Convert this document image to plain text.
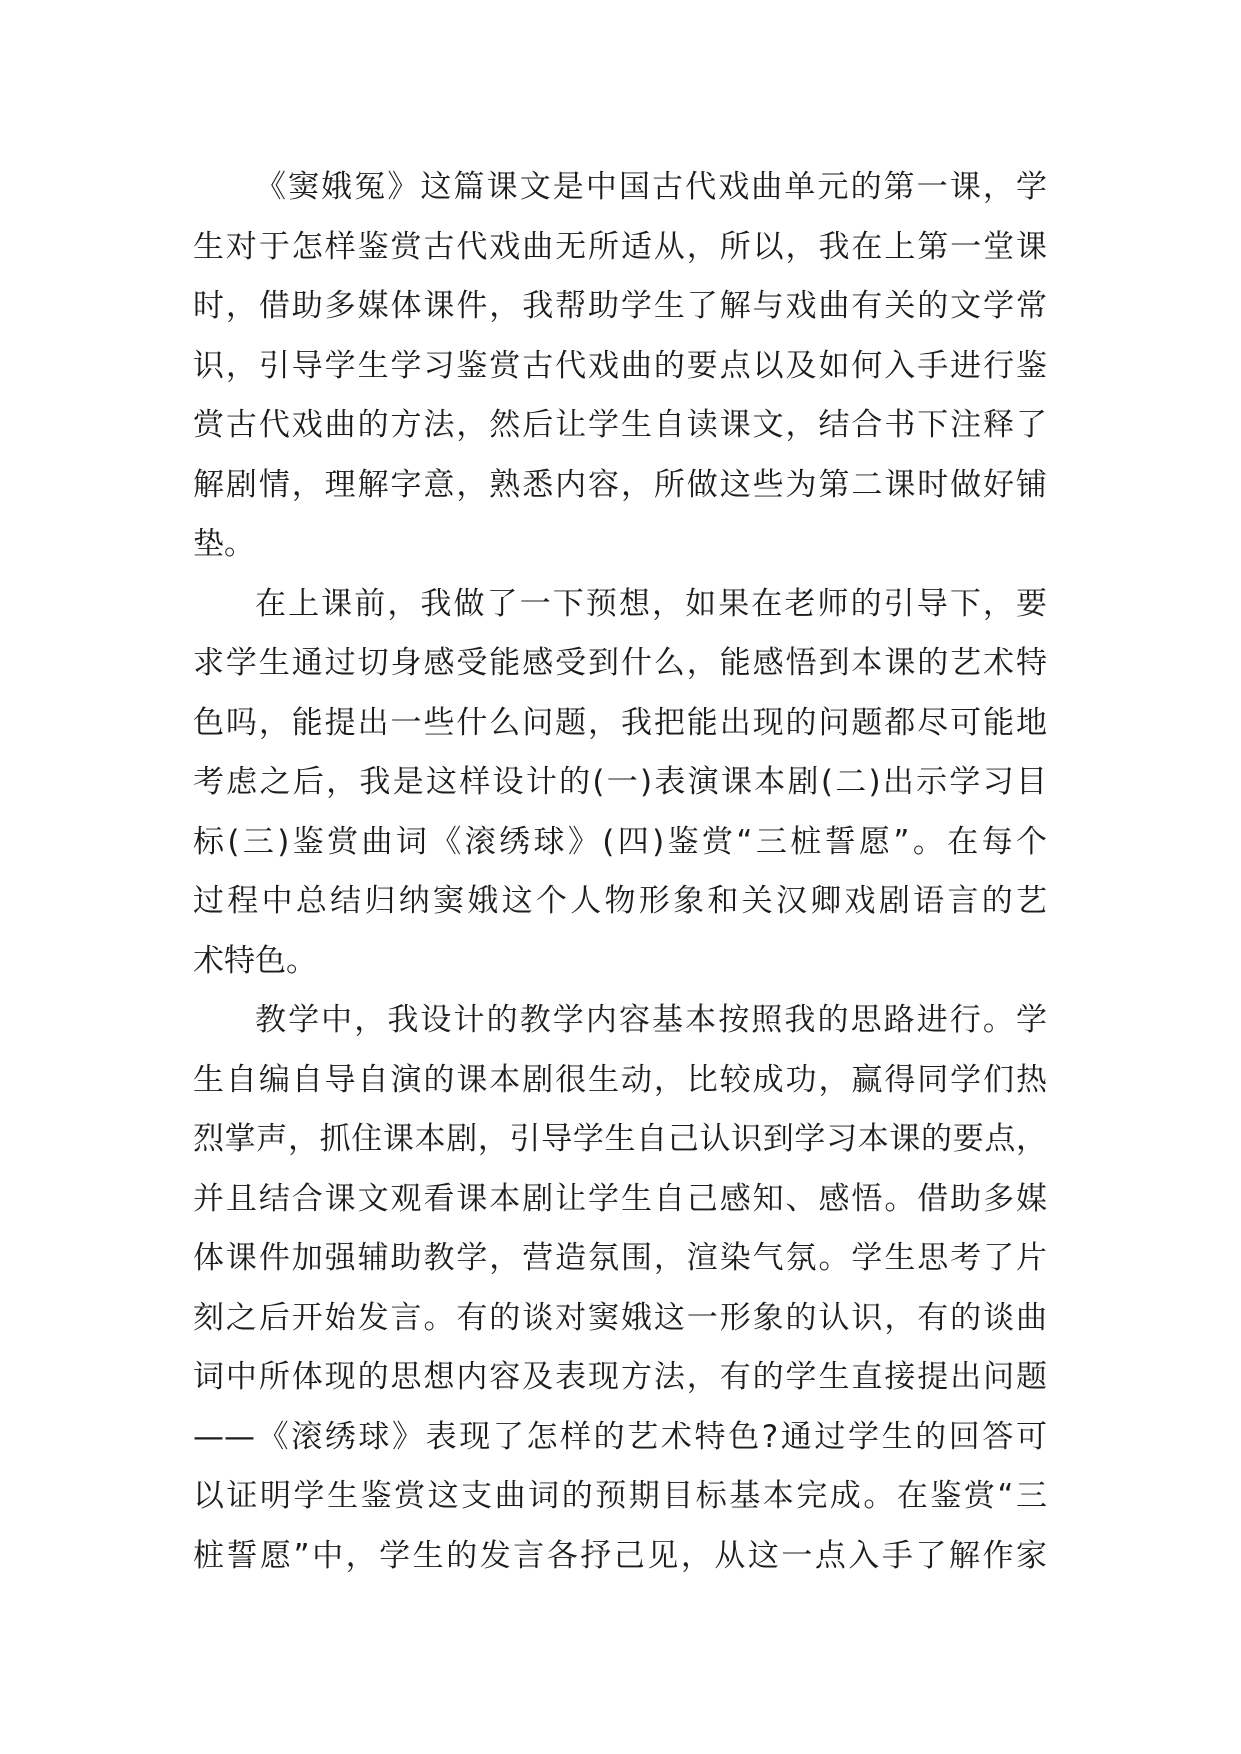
《窦娥冤》这篇课文是中国古代戏曲单元的第一课，学
生对于怎样鉴赏古代戏曲无所适从，所以，我在上第一堂课
时，借助多媒体课件，我帮助学生了解与戏曲有关的文学常
识，引导学生学习鉴赏古代戏曲的要点以及如何入手进行鉴
赏古代戏曲的方法，然后让学生自读课文，结合书下注释了
解剧情，理解字意，熟悉内容，所做这些为第二课时做好铺
垫。
在上课前，我做了一下预想，如果在老师的引导下，要
求学生通过切身感受能感受到什么，能感悟到本课的艺术特
色吗，能提出一些什么问题，我把能出现的问题都尽可能地
考虑之后，我是这样设计的(一)表演课本剧(二)出示学习目
标(三)鉴赏曲词《滚绣球》(四)鉴赏“三桩誓愿”。在每个
过程中总结归纳窦娥这个人物形象和关汉卿戏剧语言的艺
术特色。
教学中，我设计的教学内容基本按照我的思路进行。学
生自编自导自演的课本剧很生动，比较成功，赢得同学们热
烈掌声，抓住课本剧，引导学生自己认识到学习本课的要点，
并且结合课文观看课本剧让学生自己感知、感悟。借助多媒
体课件加强辅助教学，营造氛围，渲染气氛。学生思考了片
刻之后开始发言。有的谈对窦娥这一形象的认识，有的谈曲
词中所体现的思想内容及表现方法，有的学生直接提出问题
——《滚绣球》表现了怎样的艺术特色?通过学生的回答可
以证明学生鉴赏这支曲词的预期目标基本完成。在鉴赏“三
桩誓愿”中，学生的发言各抒己见，从这一点入手了解作家
